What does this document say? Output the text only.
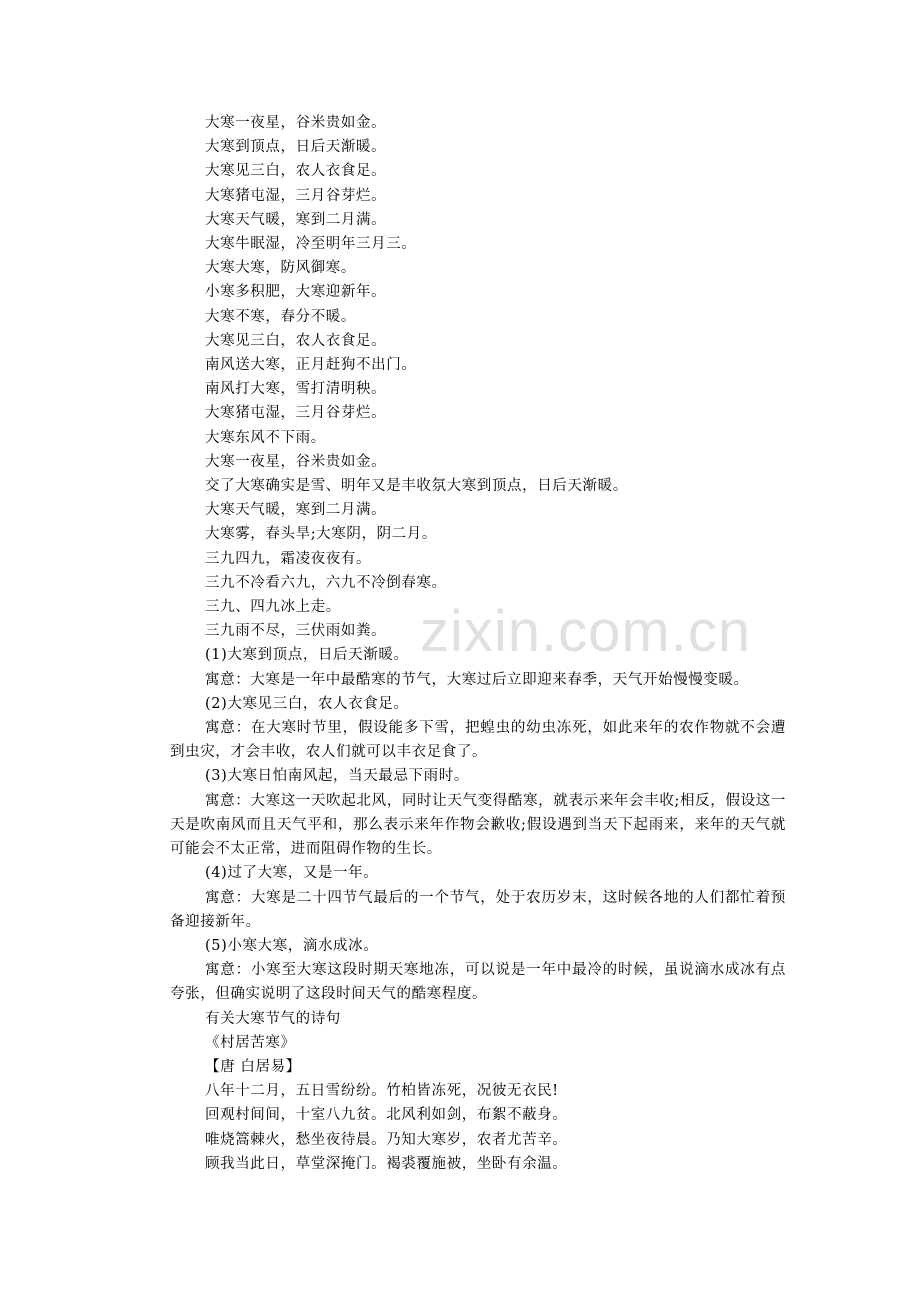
zixin.com.cn
大寒一夜星，谷米贵如金。
大寒到顶点，日后天渐暖。
大寒见三白，农人衣食足。
大寒猪屯湿，三月谷芽烂。
大寒天气暖，寒到二月满。
大寒牛眠湿，冷至明年三月三。
大寒大寒，防风御寒。
小寒多积肥，大寒迎新年。
大寒不寒，春分不暖。
大寒见三白，农人衣食足。
南风送大寒，正月赶狗不出门。
南风打大寒，雪打清明秧。
大寒猪屯湿，三月谷芽烂。
大寒东风不下雨。
大寒一夜星，谷米贵如金。
交了大寒确实是雪、明年又是丰收氛大寒到顶点，日后天渐暖。
大寒天气暖，寒到二月满。
大寒雾，春头旱;大寒阴，阴二月。
三九四九，霜凌夜夜有。
三九不冷看六九，六九不冷倒春寒。
三九、四九冰上走。
三九雨不尽，三伏雨如粪。
(1)大寒到顶点，日后天渐暖。
寓意：大寒是一年中最酷寒的节气，大寒过后立即迎来春季，天气开始慢慢变暖。
(2)大寒见三白，农人衣食足。
寓意：在大寒时节里，假设能多下雪，把蝗虫的幼虫冻死，如此来年的农作物就不会遭到虫灾，才会丰收，农人们就可以丰衣足食了。
(3)大寒日怕南风起，当天最忌下雨时。
寓意：大寒这一天吹起北风，同时让天气变得酷寒，就表示来年会丰收;相反，假设这一天是吹南风而且天气平和，那么表示来年作物会歉收;假设遇到当天下起雨来，来年的天气就可能会不太正常，进而阻碍作物的生长。
(4)过了大寒，又是一年。
寓意：大寒是二十四节气最后的一个节气，处于农历岁末，这时候各地的人们都忙着预备迎接新年。
(5)小寒大寒，滴水成冰。
寓意：小寒至大寒这段时期天寒地冻，可以说是一年中最冷的时候，虽说滴水成冰有点夸张，但确实说明了这段时间天气的酷寒程度。
有关大寒节气的诗句
《村居苦寒》
【唐 白居易】
八年十二月，五日雪纷纷。竹柏皆冻死，况彼无衣民!
回观村间间，十室八九贫。北风利如剑，布絮不蔽身。
唯烧篙棘火，愁坐夜待晨。乃知大寒岁，农者尤苦辛。
顾我当此日，草堂深掩门。褐裘覆施被，坐卧有余温。
